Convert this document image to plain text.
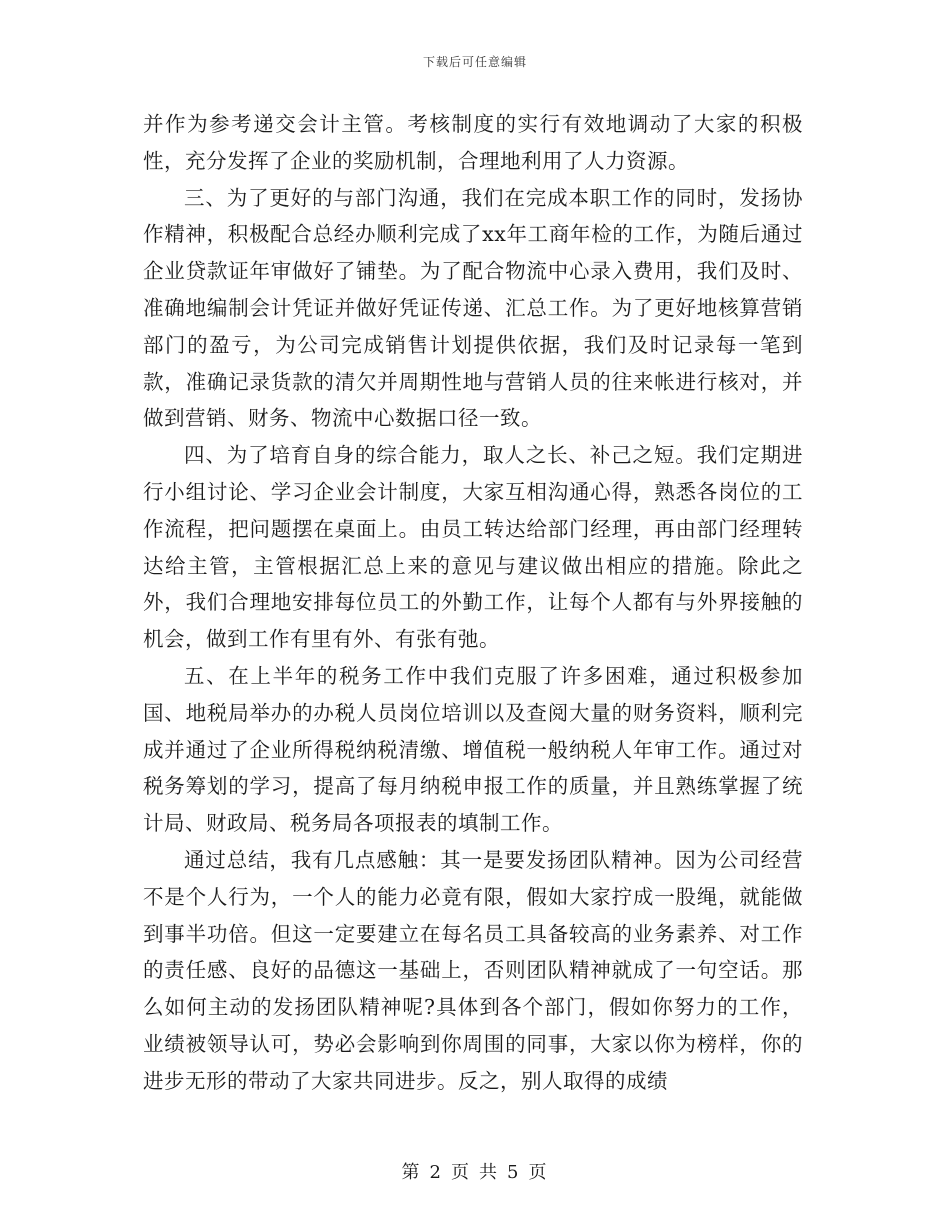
下载后可任意编辑

并作为参考递交会计主管。考核制度的实行有效地调动了大家的积极性，充分发挥了企业的奖励机制，合理地利用了人力资源。

三、为了更好的与部门沟通，我们在完成本职工作的同时，发扬协作精神，积极配合总经办顺利完成了xx年工商年检的工作，为随后通过企业贷款证年审做好了铺垫。为了配合物流中心录入费用，我们及时、准确地编制会计凭证并做好凭证传递、汇总工作。为了更好地核算营销部门的盈亏，为公司完成销售计划提供依据，我们及时记录每一笔到款，准确记录货款的清欠并周期性地与营销人员的往来帐进行核对，并做到营销、财务、物流中心数据口径一致。

四、为了培育自身的综合能力，取人之长、补己之短。我们定期进行小组讨论、学习企业会计制度，大家互相沟通心得，熟悉各岗位的工作流程，把问题摆在桌面上。由员工转达给部门经理，再由部门经理转达给主管，主管根据汇总上来的意见与建议做出相应的措施。除此之外，我们合理地安排每位员工的外勤工作，让每个人都有与外界接触的机会，做到工作有里有外、有张有弛。

五、在上半年的税务工作中我们克服了许多困难，通过积极参加国、地税局举办的办税人员岗位培训以及查阅大量的财务资料，顺利完成并通过了企业所得税纳税清缴、增值税一般纳税人年审工作。通过对税务筹划的学习，提高了每月纳税申报工作的质量，并且熟练掌握了统计局、财政局、税务局各项报表的填制工作。

通过总结，我有几点感触：其一是要发扬团队精神。因为公司经营不是个人行为，一个人的能力必竟有限，假如大家拧成一股绳，就能做到事半功倍。但这一定要建立在每名员工具备较高的业务素养、对工作的责任感、良好的品德这一基础上，否则团队精神就成了一句空话。那么如何主动的发扬团队精神呢?具体到各个部门，假如你努力的工作，业绩被领导认可，势必会影响到你周围的同事，大家以你为榜样，你的进步无形的带动了大家共同进步。反之，别人取得的成绩

第 2 页 共 5 页
